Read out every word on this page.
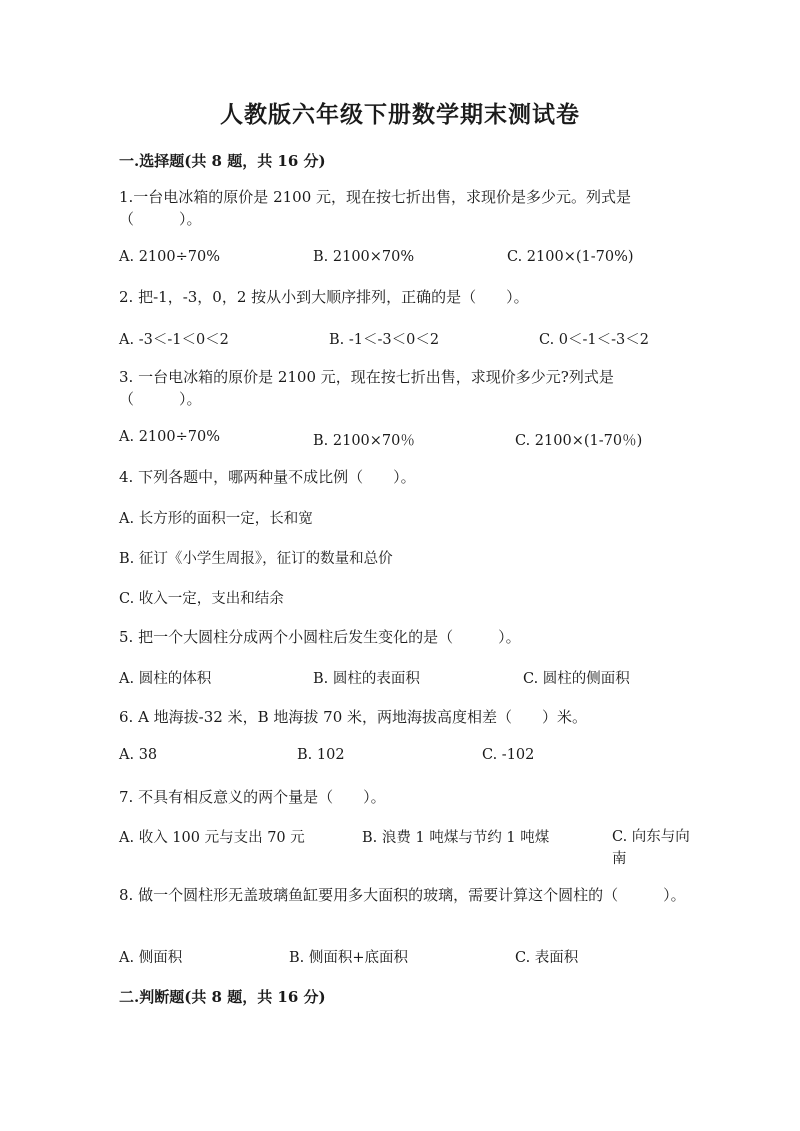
人教版六年级下册数学期末测试卷
一.选择题(共 8 题，共 16 分)
1.一台电冰箱的原价是 2100 元，现在按七折出售，求现价是多少元。列式是（　　　）。
A. 2100÷70%	B. 2100×70%	C. 2100×(1-70%)
2. 把-1，-3，0，2 按从小到大顺序排列，正确的是（　　）。
A. -3＜-1＜0＜2	B. -1＜-3＜0＜2	C. 0＜-1＜-3＜2
3. 一台电冰箱的原价是 2100 元，现在按七折出售，求现价多少元?列式是（　　　）。
A. 2100÷70%	B. 2100×70％	C. 2100×(1-70％)
4. 下列各题中，哪两种量不成比例（　　）。
A. 长方形的面积一定，长和宽
B. 征订《小学生周报》，征订的数量和总价
C. 收入一定，支出和结余
5. 把一个大圆柱分成两个小圆柱后发生变化的是（　　　）。
A. 圆柱的体积	B. 圆柱的表面积	C. 圆柱的侧面积
6. A 地海拔-32 米，B 地海拔 70 米，两地海拔高度相差（　　）米。
A. 38	B. 102	C. -102
7. 不具有相反意义的两个量是（　　）。
A. 收入 100 元与支出 70 元	B. 浪费 1 吨煤与节约 1 吨煤	C. 向东与向南
8. 做一个圆柱形无盖玻璃鱼缸要用多大面积的玻璃，需要计算这个圆柱的（　　　）。
A. 侧面积	B. 侧面积+底面积	C. 表面积
二.判断题(共 8 题，共 16 分)
